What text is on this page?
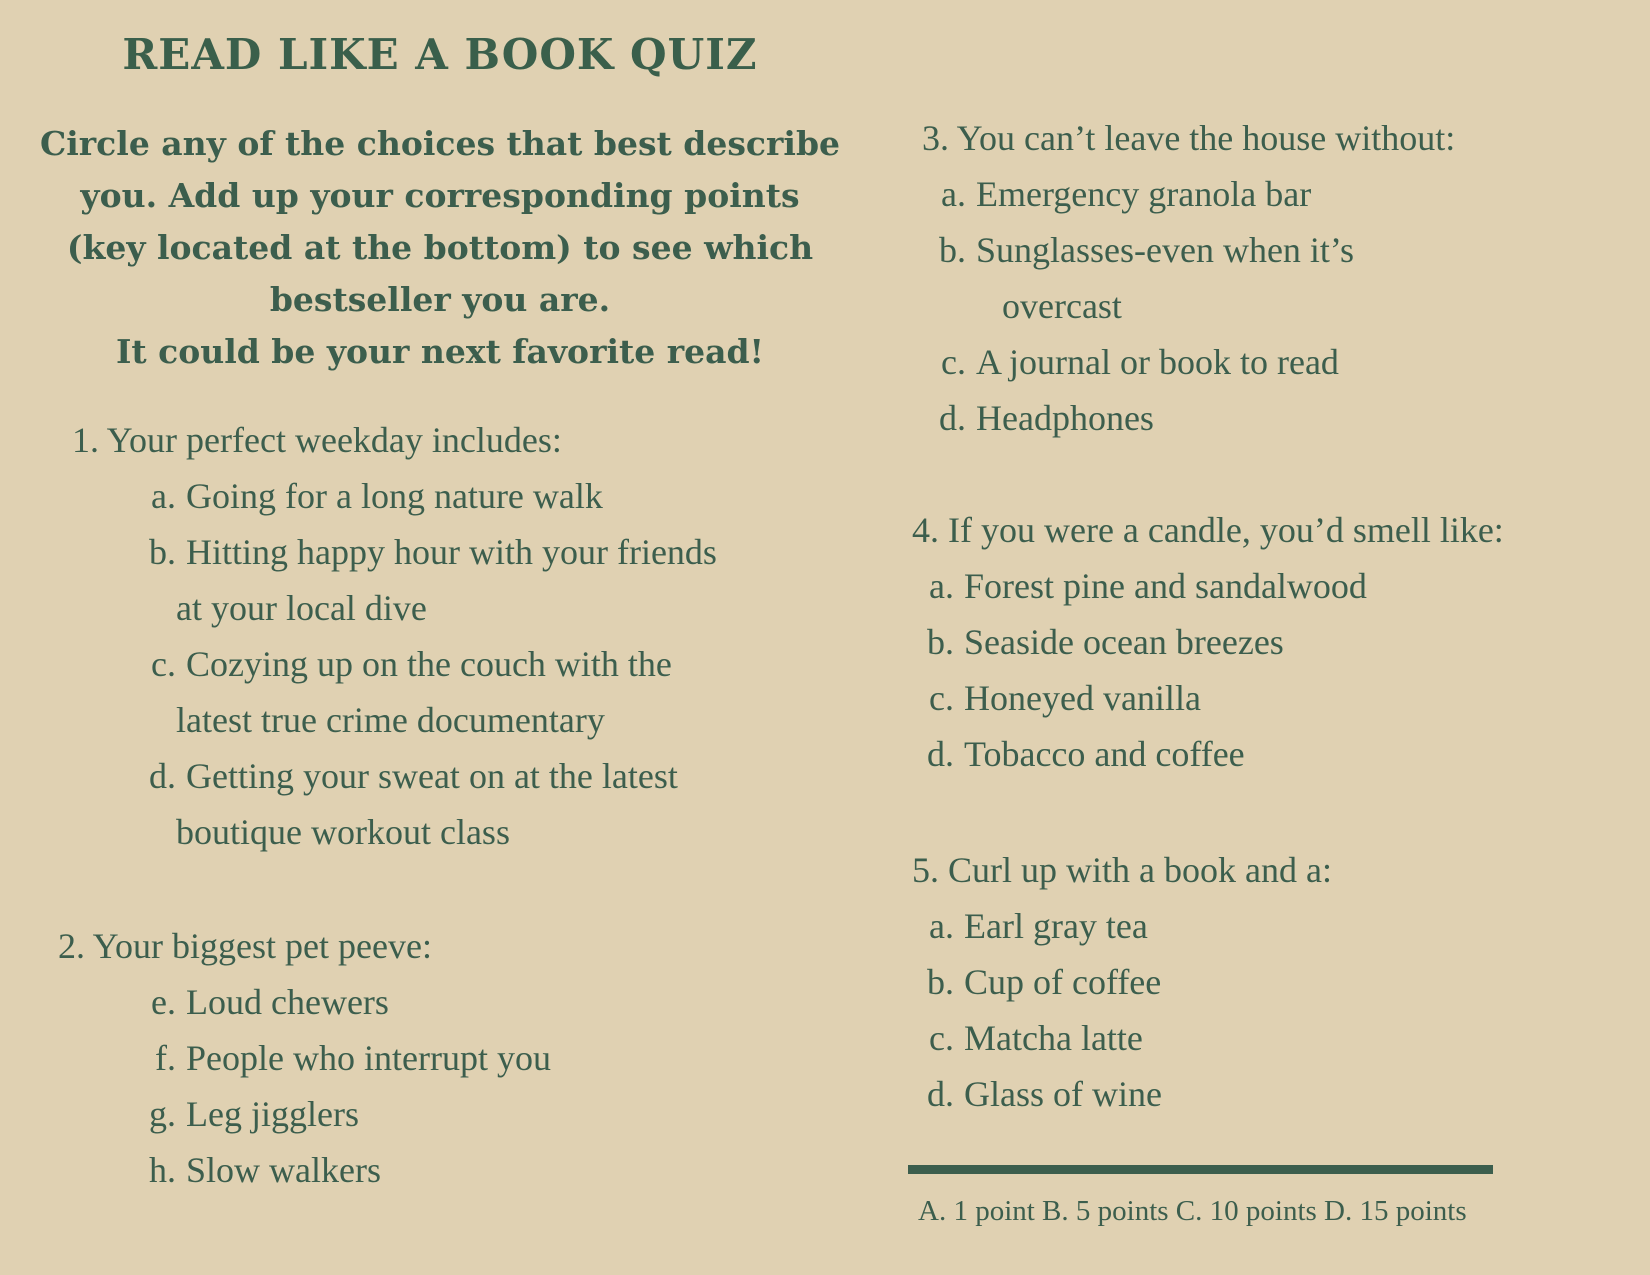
READ LIKE A BOOK QUIZ
Circle any of the choices that best describe
you. Add up your corresponding points
(key located at the bottom) to see which
bestseller you are.
It could be your next favorite read!
1. Your perfect weekday includes:
a. Going for a long nature walk
b. Hitting happy hour with your friends
at your local dive
c. Cozying up on the couch with the
latest true crime documentary
d. Getting your sweat on at the latest
boutique workout class
2. Your biggest pet peeve:
e. Loud chewers
f. People who interrupt you
g. Leg jigglers
h. Slow walkers
3. You can’t leave the house without:
a. Emergency granola bar
b. Sunglasses-even when it’s
overcast
c. A journal or book to read
d. Headphones
4. If you were a candle, you’d smell like:
a. Forest pine and sandalwood
b. Seaside ocean breezes
c. Honeyed vanilla
d. Tobacco and coffee
5. Curl up with a book and a:
a. Earl gray tea
b. Cup of coffee
c. Matcha latte
d. Glass of wine
A. 1 point B. 5 points C. 10 points D. 15 points
